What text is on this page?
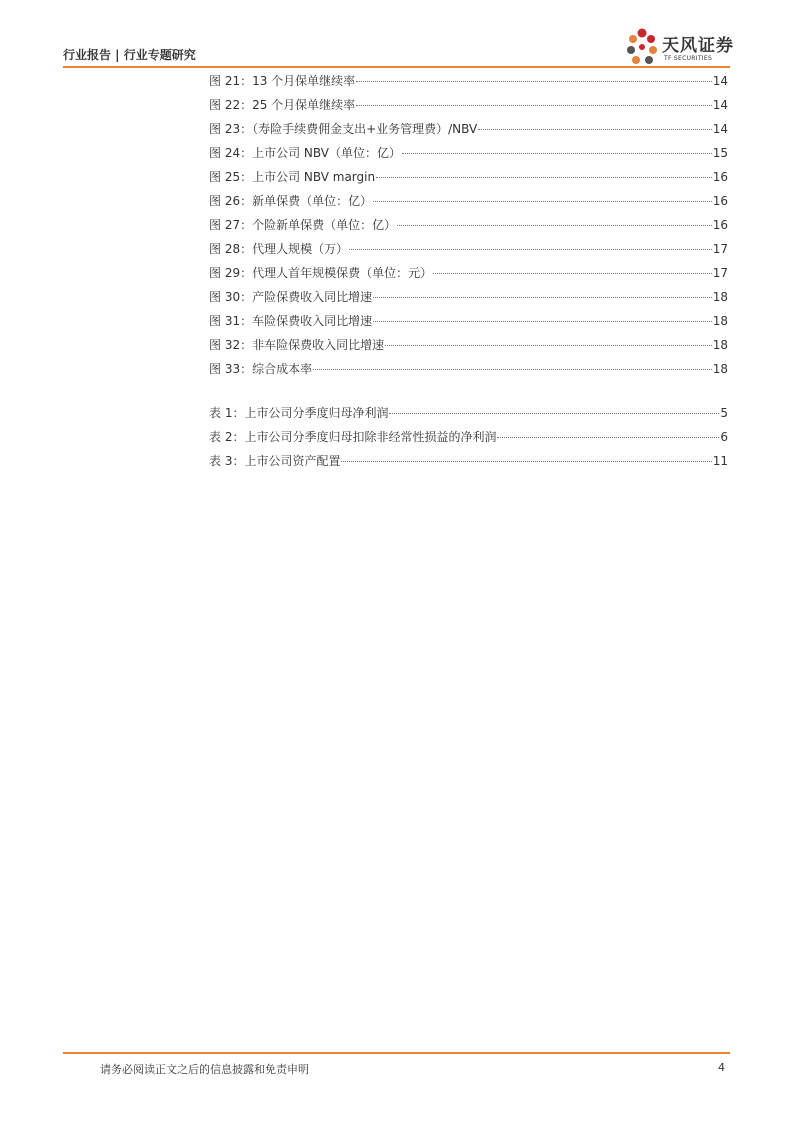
行业报告 | 行业专题研究	天风证券
TF SECURITIES
图 21：13 个月保单继续率	14
图 22：25 个月保单继续率	14
图 23：（寿险手续费佣金支出+业务管理费）/NBV	14
图 24：上市公司 NBV（单位：亿）	15
图 25：上市公司 NBV margin	16
图 26：新单保费（单位：亿）	16
图 27：个险新单保费（单位：亿）	16
图 28：代理人规模（万）	17
图 29：代理人首年规模保费（单位：元）	17
图 30：产险保费收入同比增速	18
图 31：车险保费收入同比增速	18
图 32：非车险保费收入同比增速	18
图 33：综合成本率	18
表 1：上市公司分季度归母净利润	5
表 2：上市公司分季度归母扣除非经常性损益的净利润	6
表 3：上市公司资产配置	11
请务必阅读正文之后的信息披露和免责申明	4
